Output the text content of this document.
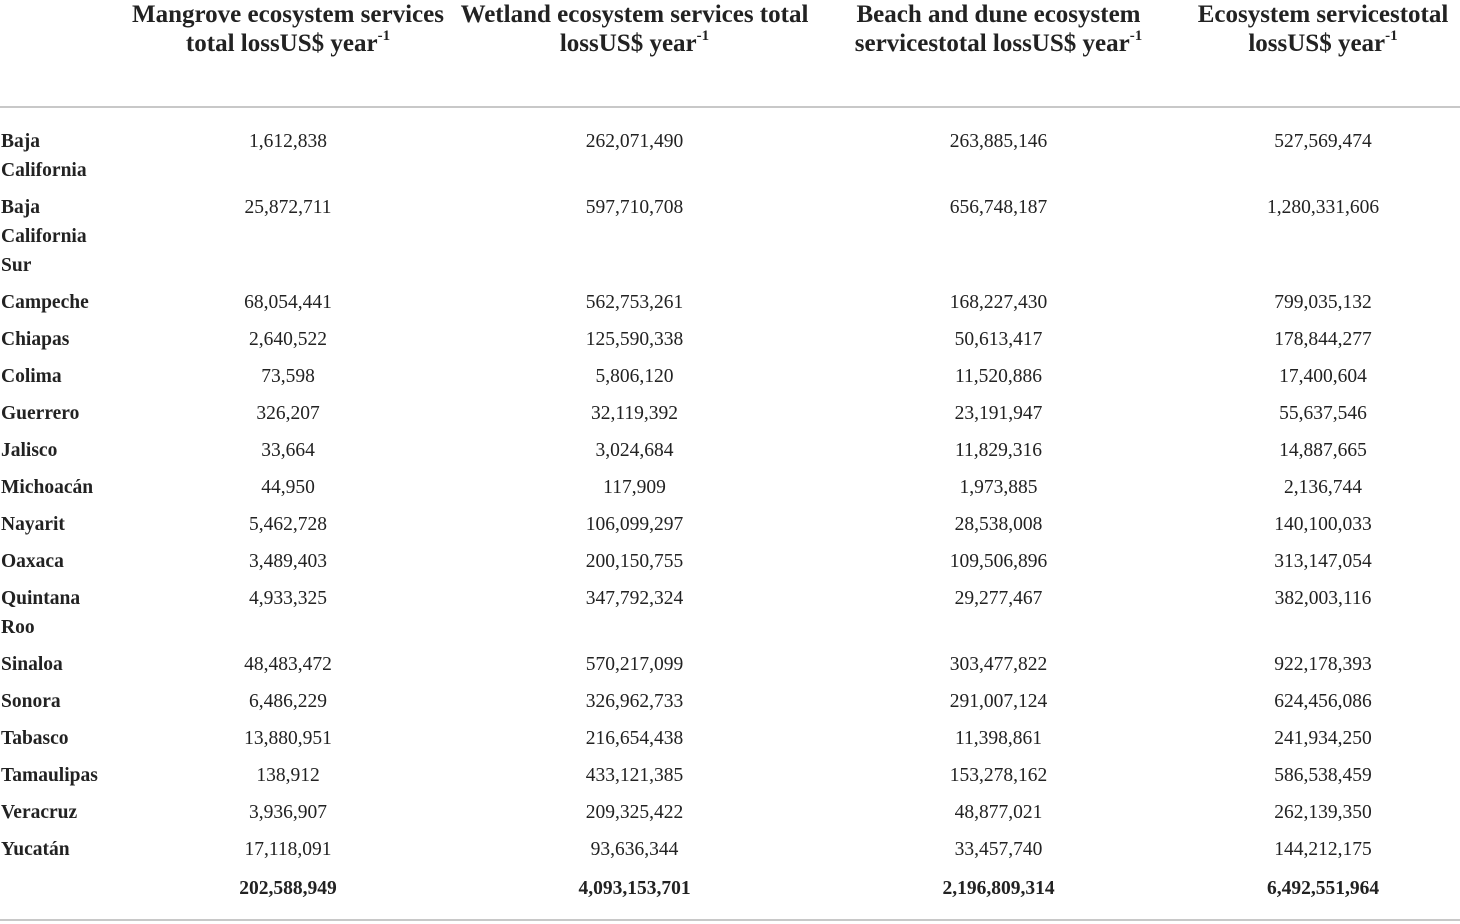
	Mangrove ecosystem services total lossUS$ year$^{-1}$	Wetland ecosystem services total lossUS$ year$^{-1}$	Beach and dune ecosystem servicestotal lossUS$ year$^{-1}$	Ecosystem servicestotal lossUS$ year$^{-1}$
Baja California	1,612,838	262,071,490	263,885,146	527,569,474
Baja California Sur	25,872,711	597,710,708	656,748,187	1,280,331,606
Campeche	68,054,441	562,753,261	168,227,430	799,035,132
Chiapas	2,640,522	125,590,338	50,613,417	178,844,277
Colima	73,598	5,806,120	11,520,886	17,400,604
Guerrero	326,207	32,119,392	23,191,947	55,637,546
Jalisco	33,664	3,024,684	11,829,316	14,887,665
Michoacán	44,950	117,909	1,973,885	2,136,744
Nayarit	5,462,728	106,099,297	28,538,008	140,100,033
Oaxaca	3,489,403	200,150,755	109,506,896	313,147,054
Quintana Roo	4,933,325	347,792,324	29,277,467	382,003,116
Sinaloa	48,483,472	570,217,099	303,477,822	922,178,393
Sonora	6,486,229	326,962,733	291,007,124	624,456,086
Tabasco	13,880,951	216,654,438	11,398,861	241,934,250
Tamaulipas	138,912	433,121,385	153,278,162	586,538,459
Veracruz	3,936,907	209,325,422	48,877,021	262,139,350
Yucatán	17,118,091	93,636,344	33,457,740	144,212,175
	202,588,949	4,093,153,701	2,196,809,314	6,492,551,964
